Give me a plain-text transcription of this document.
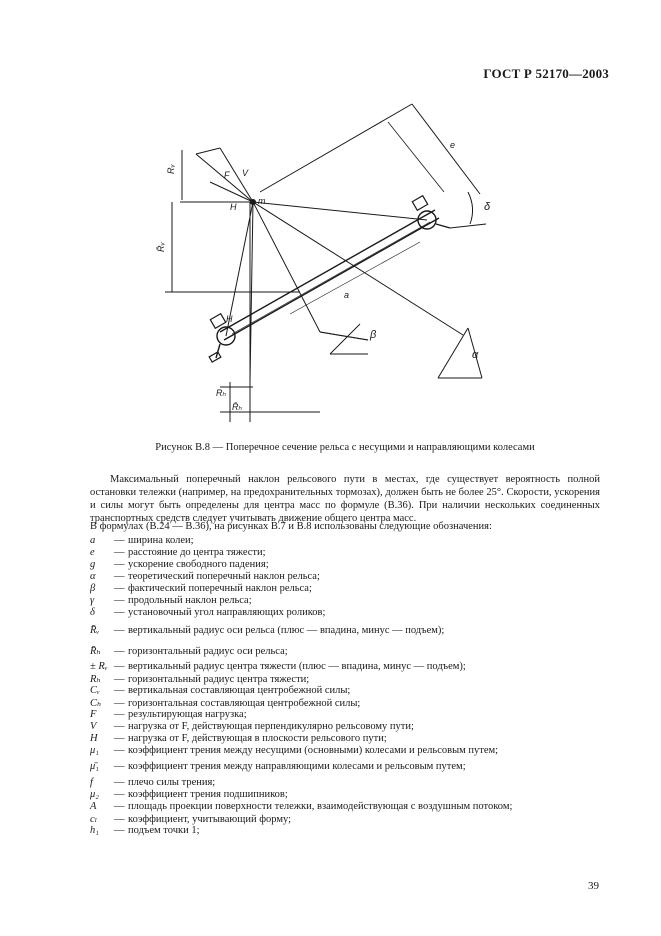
ГОСТ Р 52170—2003
Rᵥ
R̄ᵥ
F V
H
m
e
δ
a
H
β
α
Rₕ
R̄ₕ
Рисунок В.8 — Поперечное сечение рельса с несущими и направляющими колесами
Максимальный поперечный наклон рельсового пути в местах, где существует вероятность полной остановки тележки (например, на предохранительных тормозах), должен быть не более 25°. Скорости, ускорения и силы могут быть определены для центра масс по формуле (В.36). При наличии нескольких соединенных транспортных средств следует учитывать движение общего центра масс.
В формулах (В.24 — В.36), на рисунках В.7 и В.8 использованы следующие обозначения:
a — ширина колеи;
e — расстояние до центра тяжести;
g — ускорение свободного падения;
α — теоретический поперечный наклон рельса;
β — фактический поперечный наклон рельса;
γ — продольный наклон рельса;
δ — установочный угол направляющих роликов;
R̄ᵥ — вертикальный радиус оси рельса (плюс — впадина, минус — подъем);
R̄ₕ — горизонтальный радиус оси рельса;
± Rᵥ — вертикальный радиус центра тяжести (плюс — впадина, минус — подъем);
Rₕ — горизонтальный радиус центра тяжести;
Cᵥ — вертикальная составляющая центробежной силы;
Cₕ — горизонтальная составляющая центробежной силы;
F — результирующая нагрузка;
V — нагрузка от F, действующая перпендикулярно рельсовому пути;
H — нагрузка от F, действующая в плоскости рельсового пути;
μ₁ — коэффициент трения между несущими (основными) колесами и рельсовым путем;
μ̄₁ — коэффициент трения между направляющими колесами и рельсовым путем;
f — плечо силы трения;
μ₂ — коэффициент трения подшипников;
A — площадь проекции поверхности тележки, взаимодействующая с воздушным потоком;
cₗ — коэффициент, учитывающий форму;
h₁ — подъем точки 1;
39
